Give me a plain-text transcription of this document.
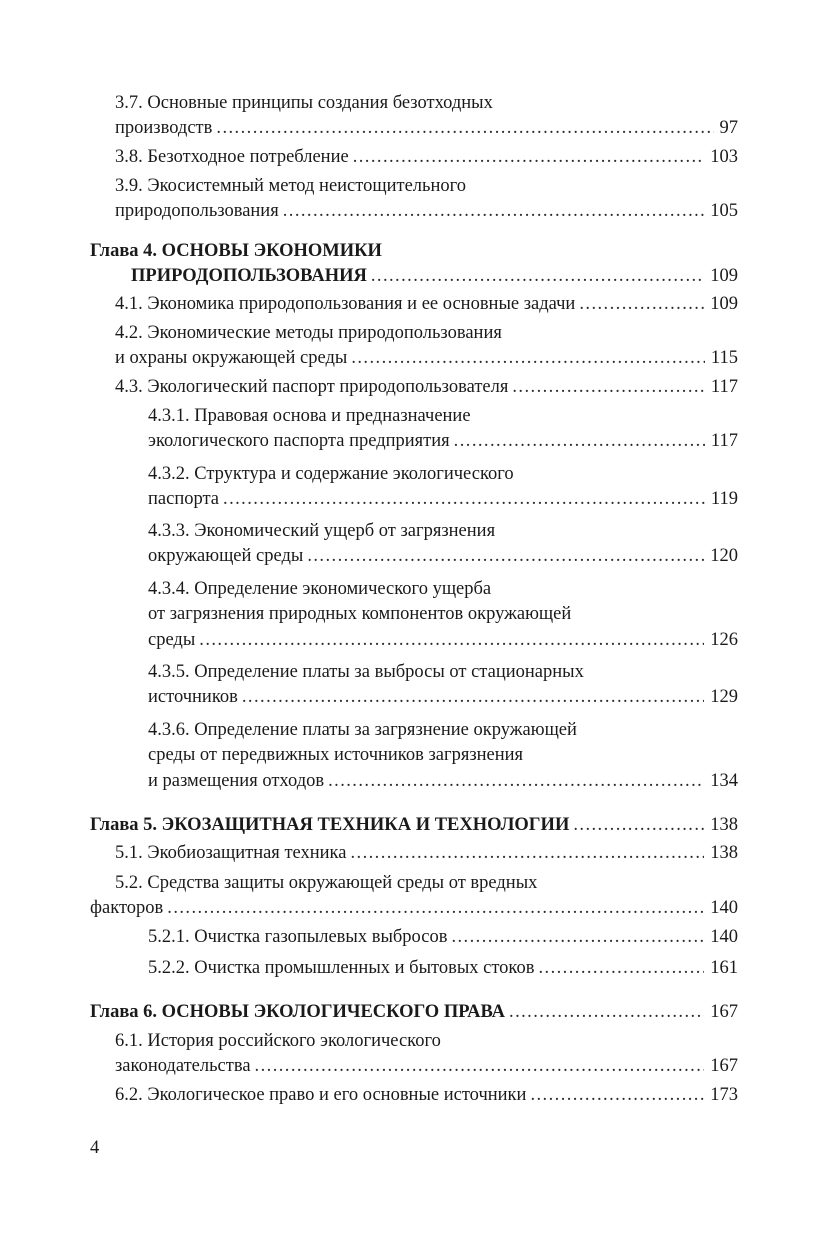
3.7. Основные принципы создания безотходных
производств . . .	97
3.8. Безотходное потребление . . .	103
3.9. Экосистемный метод неистощительного
природопользования . . .	105
Глава 4. ОСНОВЫ ЭКОНОМИКИ
ПРИРОДОПОЛЬЗОВАНИЯ . . .	109
4.1. Экономика природопользования и ее основные задачи . . .	109
4.2. Экономические методы природопользования
и охраны окружающей среды . . .	115
4.3. Экологический паспорт природопользователя . . .	117
4.3.1. Правовая основа и предназначение
экологического паспорта предприятия . . .	117
4.3.2. Структура и содержание экологического
паспорта . . .	119
4.3.3. Экономический ущерб от загрязнения
окружающей среды . . .	120
4.3.4. Определение экономического ущерба
от загрязнения природных компонентов окружающей
среды . . .	126
4.3.5. Определение платы за выбросы от стационарных
источников . . .	129
4.3.6. Определение платы за загрязнение окружающей
среды от передвижных источников загрязнения
и размещения отходов . . .	134
Глава 5. ЭКОЗАЩИТНАЯ ТЕХНИКА И ТЕХНОЛОГИИ . . .	138
5.1. Экобиозащитная техника . . .	138
5.2. Средства защиты окружающей среды от вредных
факторов . . .	140
5.2.1. Очистка газопылевых выбросов . . .	140
5.2.2. Очистка промышленных и бытовых стоков . . .	161
Глава 6. ОСНОВЫ ЭКОЛОГИЧЕСКОГО ПРАВА . . .	167
6.1. История российского экологического
законодательства . . .	167
6.2. Экологическое право и его основные источники . . .	173
4
